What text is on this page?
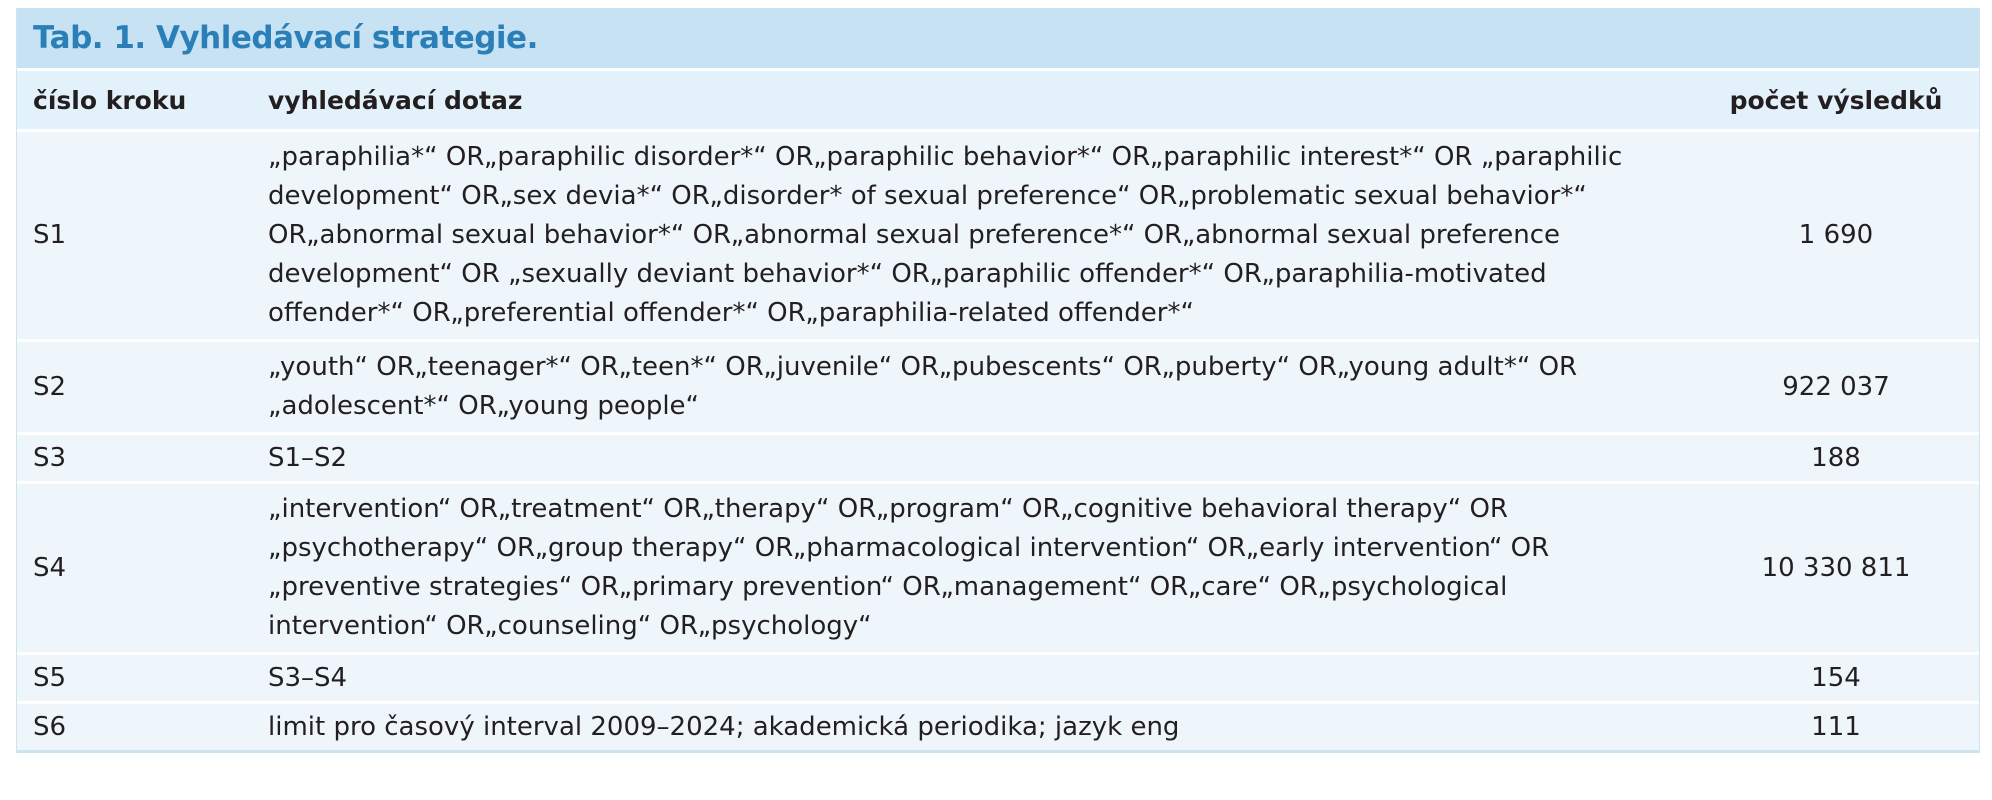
Tab. 1. Vyhledávací strategie.
číslo kroku	vyhledávací dotaz	počet výsledků
S1	„paraphilia*“ OR„paraphilic disorder*“ OR„paraphilic behavior*“ OR„paraphilic interest*“ OR „paraphilic development“ OR„sex devia*“ OR„disorder* of sexual preference“ OR„problematic sexual behavior*“ OR„abnormal sexual behavior*“ OR„abnormal sexual preference*“ OR„abnormal sexual preference development“ OR „sexually deviant behavior*“ OR„paraphilic offender*“ OR„paraphilia-motivated offender*“ OR„preferential offender*“ OR„paraphilia-related offender*“	1 690
S2	„youth“ OR„teenager*“ OR„teen*“ OR„juvenile“ OR„pubescents“ OR„puberty“ OR„young adult*“ OR „adolescent*“ OR„young people“	922 037
S3	S1–S2	188
S4	„intervention“ OR„treatment“ OR„therapy“ OR„program“ OR„cognitive behavioral therapy“ OR „psychotherapy“ OR„group therapy“ OR„pharmacological intervention“ OR„early intervention“ OR „preventive strategies“ OR„primary prevention“ OR„management“ OR„care“ OR„psychological intervention“ OR„counseling“ OR„psychology“	10 330 811
S5	S3–S4	154
S6	limit pro časový interval 2009–2024; akademická periodika; jazyk eng	111
